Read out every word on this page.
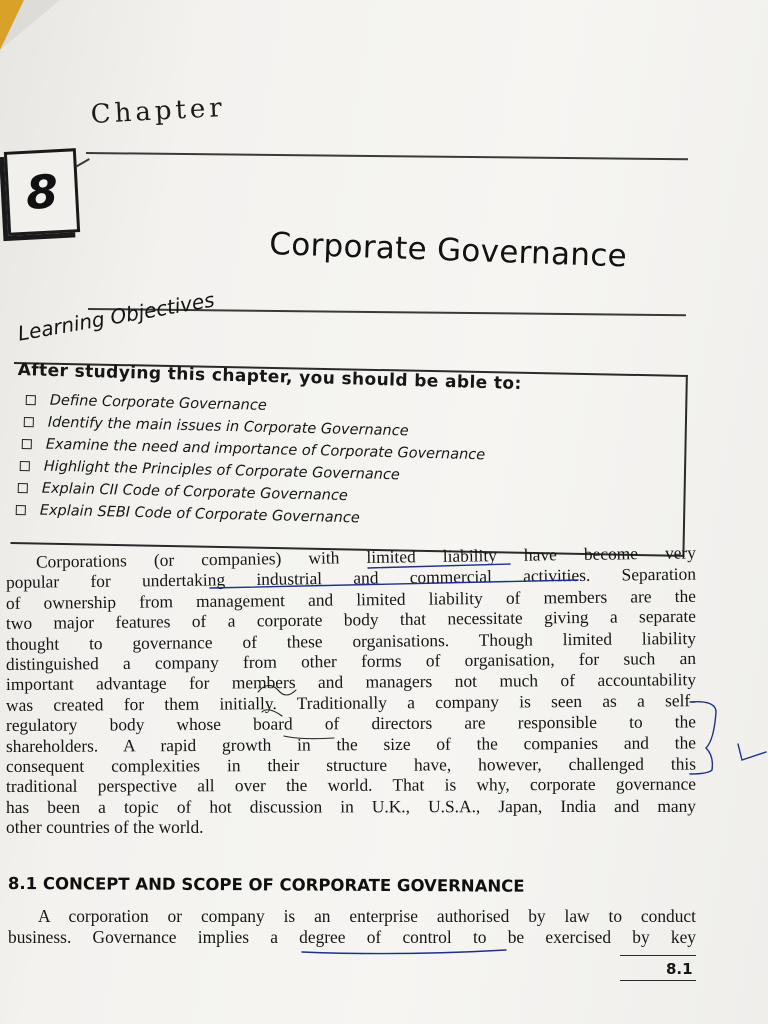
Chapter
8
Corporate Governance
Learning Objectives
After studying this chapter, you should be able to:
Define Corporate Governance
Identify the main issues in Corporate Governance
Examine the need and importance of Corporate Governance
Highlight the Principles of Corporate Governance
Explain CII Code of Corporate Governance
Explain SEBI Code of Corporate Governance
Corporations (or companies) with limited liability have become very
popular for undertaking industrial and commercial activities. Separation
of ownership from management and limited liability of members are the
two major features of a corporate body that necessitate giving a separate
thought to governance of these organisations. Though limited liability
distinguished a company from other forms of organisation, for such an
important advantage for members and managers not much of accountability
was created for them initially. Traditionally a company is seen as a self-
regulatory body whose board of directors are responsible to the
shareholders. A rapid growth in the size of the companies and the
consequent complexities in their structure have, however, challenged this
traditional perspective all over the world. That is why, corporate governance
has been a topic of hot discussion in U.K., U.S.A., Japan, India and many
other countries of the world.
8.1 CONCEPT AND SCOPE OF CORPORATE GOVERNANCE
A corporation or company is an enterprise authorised by law to conduct
business. Governance implies a degree of control to be exercised by key
8.1
